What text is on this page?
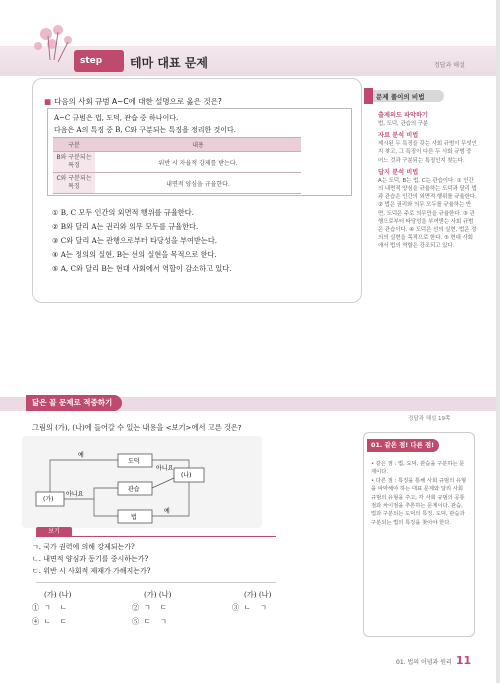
step	테마 대표 문제	정답과 해설
■ 다음의 사회 규범 A~C에 대한 설명으로 옳은 것은?
A~C 규범은 법, 도덕, 관습 중 하나이다.
다음은 A의 특징 중 B, C와 구분되는 특징을 정리한 것이다.
구분	내용
B와 구분되는
특징	위반 시 자율적 강제를 받는다.
C와 구분되는
특징	내면적 양심을 규율한다.
① B, C 모두 인간의 외면적 행위를 규율한다.
② B와 달리 A는 권리와 의무 모두를 규율한다.
③ C와 달리 A는 관행으로부터 타당성을 부여받는다.
④ A는 정의의 실현, B는 선의 실현을 목적으로 한다.
⑤ A, C와 달리 B는 현대 사회에서 역할이 감소하고 있다.
문제 풀이의 비법
출제의도 파악하기
법, 도덕, 관습의 구분
자료 분석 비법
제시된 두 특징을 갖는 사회 규범이 무엇인지 찾고, 그 특징이 다른 두 사회 규범 중 어느 것과 구분되는 특징인지 찾는다.
답지 분석 비법
A는 도덕, B는 법, C는 관습이다. ① 인간의 내면적 양심을 규율하는 도덕과 달리 법과 관습은 인간의 외면적 행위를 규율한다. ② 법은 권리와 의무 모두를 규율하는 반면, 도덕은 주로 의무만을 규율한다. ③ 관행으로부터 타당성을 부여받는 사회 규범은 관습이다. ④ 도덕은 선의 실현, 법은 정의의 실현을 목적으로 한다. ⑤ 현대 사회에서 법의 역할은 강조되고 있다.
닮은 꼴 문제로 적중하기
정답과 해설 19쪽
그림의 (가), (나)에 들어갈 수 있는 내용을 <보기>에서 고른 것은?
예
아니요
아니요
예
(가)
도덕
관습
법
(나)
보기
ㄱ. 국가 권력에 의해 강제되는가?
ㄴ. 내면적 양심과 동기를 중시하는가?
ㄷ. 위반 시 사회적 제재가 가해지는가?
(가) (나)	(가) (나)	(가) (나)
① ㄱ ㄴ	② ㄱ ㄷ	③ ㄴ ㄱ
④ ㄴ ㄷ	⑤ ㄷ ㄱ
01. 같은 점! 다른 점!
• 같은 점 : 법, 도덕, 관습을 구분하는 문제이다.
• 다른 점 : 특징을 통해 사회 규범의 유형을 파악해야 하는 대표 문제와 달리 사회 규범의 유형을 주고, 각 사회 규범의 공통점과 차이점을 추론하는 문제이다. 관습, 법과 구분되는 도덕의 특징, 도덕, 관습과 구분되는 법의 특징을 찾아야 한다.
01. 법의 이념과 원리 11
